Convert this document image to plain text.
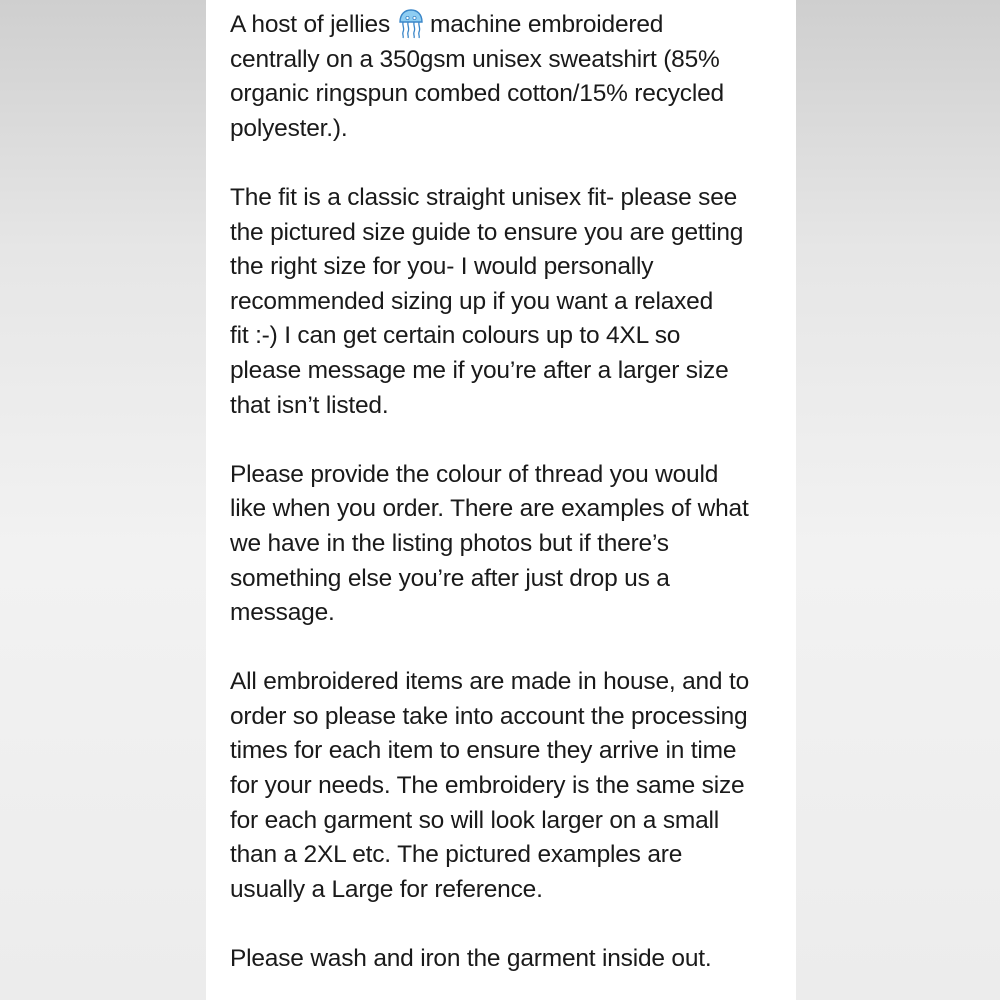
A host of jellies machine embroidered
centrally on a 350gsm unisex sweatshirt (85%
organic ringspun combed cotton/15% recycled
polyester.).

The fit is a classic straight unisex fit- please see
the pictured size guide to ensure you are getting
the right size for you- I would personally
recommended sizing up if you want a relaxed
fit :-) I can get certain colours up to 4XL so
please message me if you’re after a larger size
that isn’t listed.

Please provide the colour of thread you would
like when you order. There are examples of what
we have in the listing photos but if there’s
something else you’re after just drop us a
message.

All embroidered items are made in house, and to
order so please take into account the processing
times for each item to ensure they arrive in time
for your needs. The embroidery is the same size
for each garment so will look larger on a small
than a 2XL etc. The pictured examples are
usually a Large for reference.

Please wash and iron the garment inside out.
